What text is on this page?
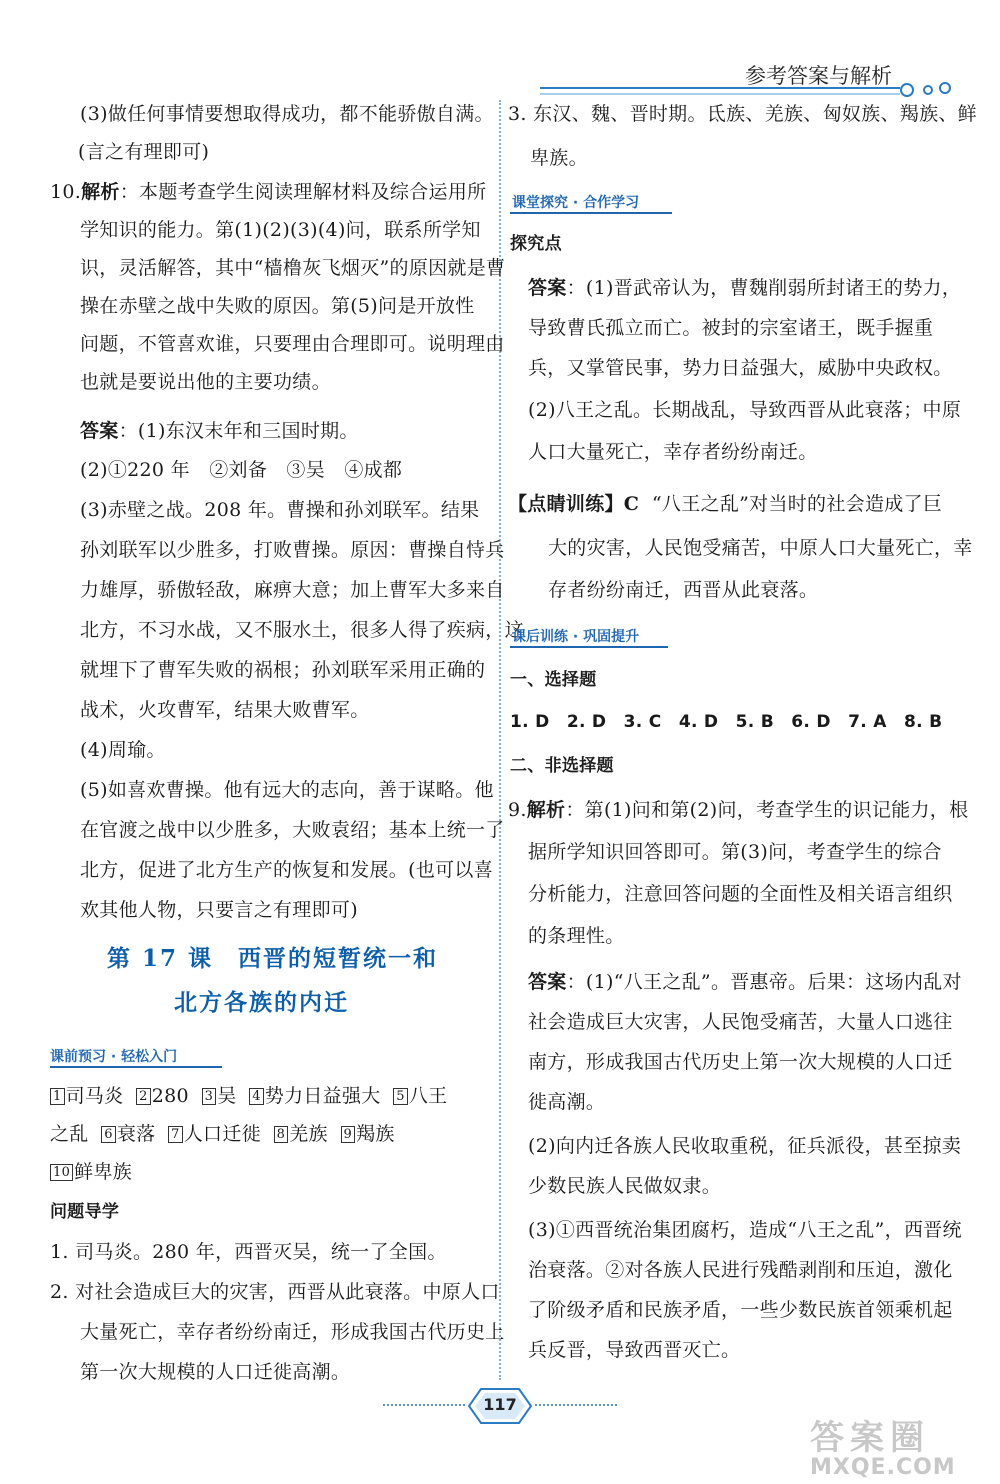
参考答案与解析
(3)做任何事情要想取得成功，都不能骄傲自满。
(言之有理即可)
10.解析：本题考查学生阅读理解材料及综合运用所
学知识的能力。第(1)(2)(3)(4)问，联系所学知
识，灵活解答，其中“樯橹灰飞烟灭”的原因就是曹
操在赤壁之战中失败的原因。第(5)问是开放性
问题，不管喜欢谁，只要理由合理即可。说明理由
也就是要说出他的主要功绩。
答案：(1)东汉末年和三国时期。
(2)①220 年　②刘备　③吴　④成都
(3)赤壁之战。208 年。曹操和孙刘联军。结果
孙刘联军以少胜多，打败曹操。原因：曹操自恃兵
力雄厚，骄傲轻敌，麻痹大意；加上曹军大多来自
北方，不习水战，又不服水土，很多人得了疾病，这
就埋下了曹军失败的祸根；孙刘联军采用正确的
战术，火攻曹军，结果大败曹军。
(4)周瑜。
(5)如喜欢曹操。他有远大的志向，善于谋略。他
在官渡之战中以少胜多，大败袁绍；基本上统一了
北方，促进了北方生产的恢复和发展。(也可以喜
欢其他人物，只要言之有理即可)
第 17 课　西晋的短暂统一和
北方各族的内迁
课前预习 · 轻松入门
1 司马炎 2 280 3 吴 4 势力日益强大 5 八王
之乱 6 衰落 7 人口迁徙 8 羌族 9 羯族
10 鲜卑族
问题导学
1. 司马炎。280 年，西晋灭吴，统一了全国。
2. 对社会造成巨大的灾害，西晋从此衰落。中原人口
大量死亡，幸存者纷纷南迁，形成我国古代历史上
第一次大规模的人口迁徙高潮。
3. 东汉、魏、晋时期。氐族、羌族、匈奴族、羯族、鲜
卑族。
课堂探究 · 合作学习
探究点
答案：(1)晋武帝认为，曹魏削弱所封诸王的势力，
导致曹氏孤立而亡。被封的宗室诸王，既手握重
兵，又掌管民事，势力日益强大，威胁中央政权。
(2)八王之乱。长期战乱，导致西晋从此衰落；中原
人口大量死亡，幸存者纷纷南迁。
【点睛训练】C “八王之乱”对当时的社会造成了巨
大的灾害，人民饱受痛苦，中原人口大量死亡，幸
存者纷纷南迁，西晋从此衰落。
课后训练 · 巩固提升
一、选择题
1. D　2. D　3. C　4. D　5. B　6. D　7. A　8. B
二、非选择题
9.解析：第(1)问和第(2)问，考查学生的识记能力，根
据所学知识回答即可。第(3)问，考查学生的综合
分析能力，注意回答问题的全面性及相关语言组织
的条理性。
答案：(1)“八王之乱”。晋惠帝。后果：这场内乱对
社会造成巨大灾害，人民饱受痛苦，大量人口逃往
南方，形成我国古代历史上第一次大规模的人口迁
徙高潮。
(2)向内迁各族人民收取重税，征兵派役，甚至掠卖
少数民族人民做奴隶。
(3)①西晋统治集团腐朽，造成“八王之乱”，西晋统
治衰落。②对各族人民进行残酷剥削和压迫，激化
了阶级矛盾和民族矛盾，一些少数民族首领乘机起
兵反晋，导致西晋灭亡。
117
答案圈
MXQE.COM
